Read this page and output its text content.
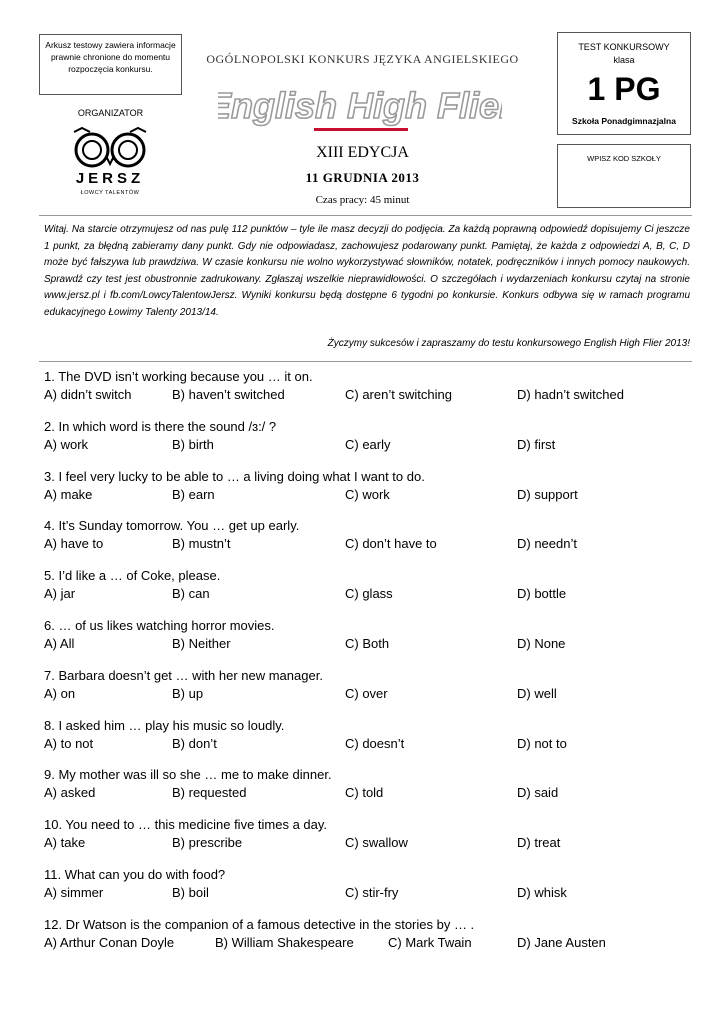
Arkusz testowy zawiera informacje prawnie chronione do momentu rozpoczęcia konkursu.
ORGANIZATOR
JERSZ
ŁOWCY TALENTÓW
OGÓLNOPOLSKI KONKURS JĘZYKA ANGIELSKIEGO
English High Flier
XIII EDYCJA
11 GRUDNIA 2013
Czas pracy: 45 minut
TEST KONKURSOWY
klasa
1 PG
Szkoła Ponadgimnazjalna
WPISZ KOD SZKOŁY
Witaj. Na starcie otrzymujesz od nas pulę 112 punktów – tyle ile masz decyzji do podjęcia. Za każdą poprawną odpowiedź dopisujemy Ci jeszcze 1 punkt, za błędną zabieramy dany punkt. Gdy nie odpowiadasz, zachowujesz podarowany punkt. Pamiętaj, że każda z odpowiedzi A, B, C, D może być fałszywa lub prawdziwa. W czasie konkursu nie wolno wykorzystywać słowników, notatek, podręczników i innych pomocy naukowych. Sprawdź czy test jest obustronnie zadrukowany. Zgłaszaj wszelkie nieprawidłowości. O szczegółach i wydarzeniach konkursu czytaj na stronie www.jersz.pl i fb.com/LowcyTalentowJersz. Wyniki konkursu będą dostępne 6 tygodni po konkursie. Konkurs odbywa się w ramach programu edukacyjnego Łowimy Talenty 2013/14.
Życzymy sukcesów i zapraszamy do testu konkursowego English High Flier 2013!
1. The DVD isn’t working because you … it on.
A) didn’t switch	B) haven’t switched	C) aren’t switching	D) hadn’t switched
2. In which word is there the sound /ɜ:/ ?
A) work	B) birth	C) early	D) first
3. I feel very lucky to be able to … a living doing what I want to do.
A) make	B) earn	C) work	D) support
4. It’s Sunday tomorrow. You … get up early.
A) have to	B) mustn’t	C) don’t have to	D) needn’t
5. I’d like a … of Coke, please.
A) jar	B) can	C) glass	D) bottle
6. … of us likes watching horror movies.
A) All	B) Neither	C) Both	D) None
7. Barbara doesn’t get … with her new manager.
A) on	B) up	C) over	D) well
8. I asked him … play his music so loudly.
A) to not	B) don’t	C) doesn’t	D) not to
9. My mother was ill so she … me to make dinner.
A) asked	B) requested	C) told	D) said
10. You need to … this medicine five times a day.
A) take	B) prescribe	C) swallow	D) treat
11. What can you do with food?
A) simmer	B) boil	C) stir-fry	D) whisk
12. Dr Watson is the companion of a famous detective in the stories by … .
A) Arthur Conan Doyle	B) William Shakespeare	C) Mark Twain	D) Jane Austen
